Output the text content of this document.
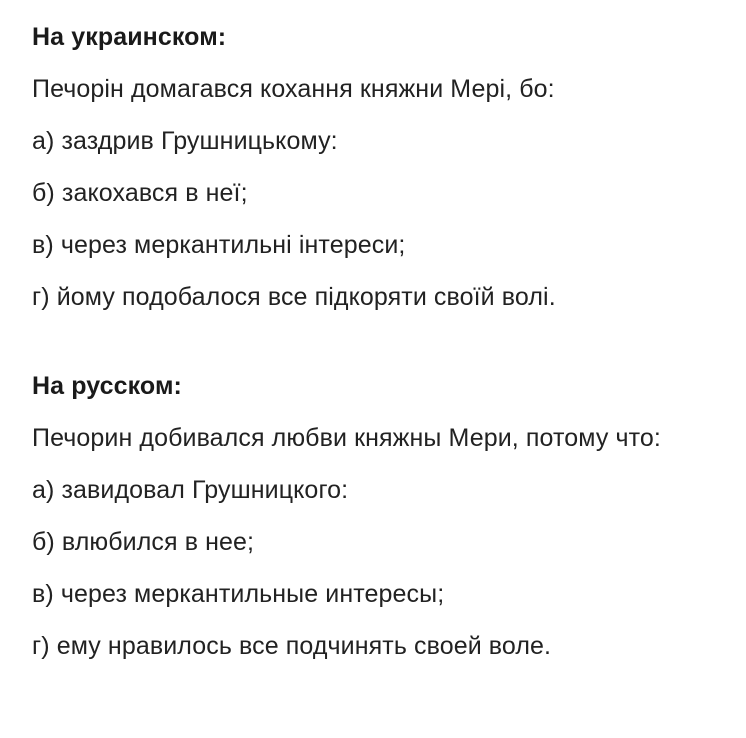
На украинском:
Печорін домагався кохання княжни Мері, бо:
а) заздрив Грушницькому:
б) закохався в неї;
в) через меркантильні інтереси;
г) йому подобалося все підкоряти своїй волі.
На русском:
Печорин добивался любви княжны Мери, потому что:
а) завидовал Грушницкого:
б) влюбился в нее;
в) через меркантильные интересы;
г) ему нравилось все подчинять своей воле.
